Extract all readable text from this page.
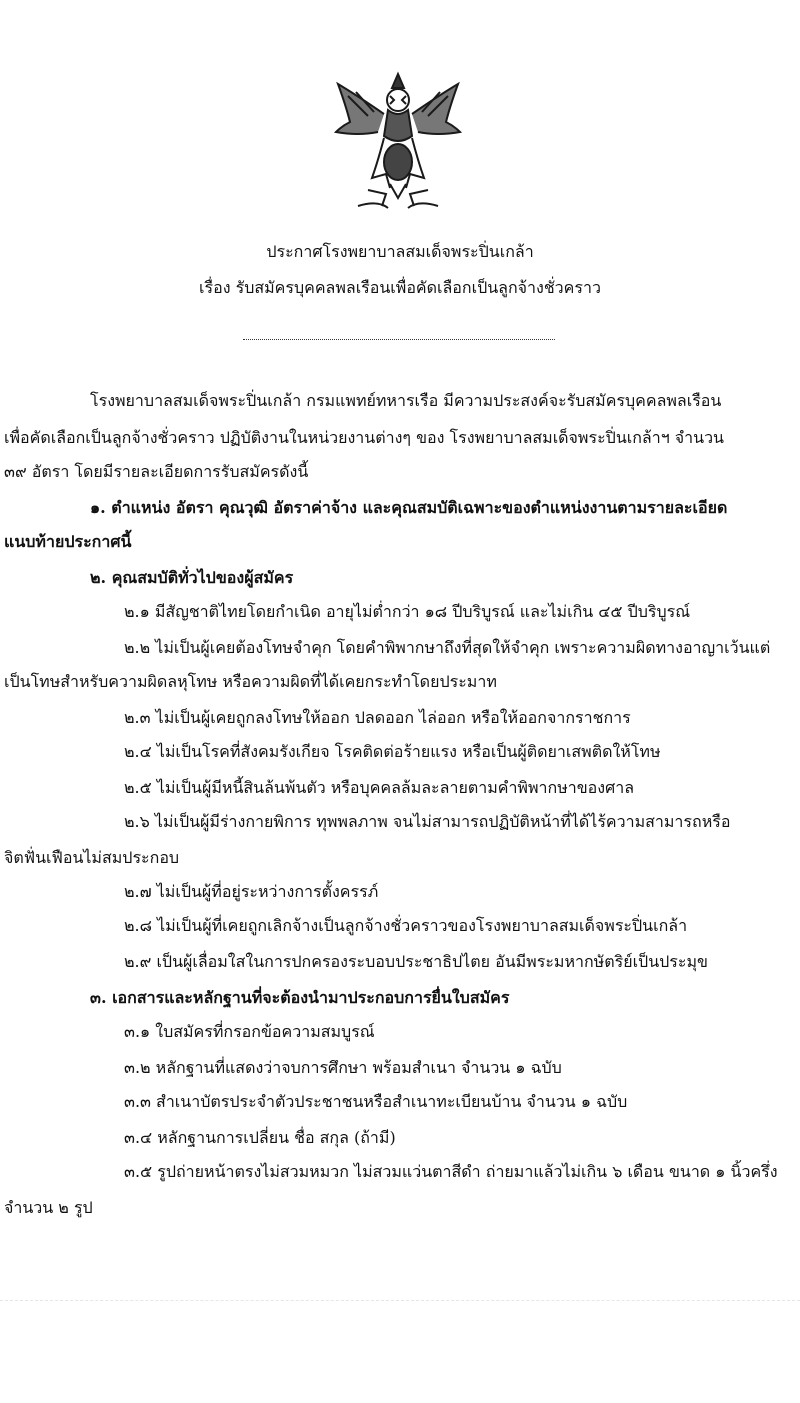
ประกาศโรงพยาบาลสมเด็จพระปิ่นเกล้า
เรื่อง รับสมัครบุคคลพลเรือนเพื่อคัดเลือกเป็นลูกจ้างชั่วคราว
โรงพยาบาลสมเด็จพระปิ่นเกล้า กรมแพทย์ทหารเรือ มีความประสงค์จะรับสมัครบุคคลพลเรือน
เพื่อคัดเลือกเป็นลูกจ้างชั่วคราว ปฏิบัติงานในหน่วยงานต่างๆ ของ โรงพยาบาลสมเด็จพระปิ่นเกล้าฯ จำนวน
๓๙ อัตรา โดยมีรายละเอียดการรับสมัครดังนี้
๑. ตำแหน่ง อัตรา คุณวุฒิ อัตราค่าจ้าง และคุณสมบัติเฉพาะของตำแหน่งงานตามรายละเอียด
แนบท้ายประกาศนี้
๒. คุณสมบัติทั่วไปของผู้สมัคร
๒.๑ มีสัญชาติไทยโดยกำเนิด อายุไม่ต่ำกว่า ๑๘ ปีบริบูรณ์ และไม่เกิน ๔๕ ปีบริบูรณ์
๒.๒ ไม่เป็นผู้เคยต้องโทษจำคุก โดยคำพิพากษาถึงที่สุดให้จำคุก เพราะความผิดทางอาญาเว้นแต่
เป็นโทษสำหรับความผิดลหุโทษ หรือความผิดที่ได้เคยกระทำโดยประมาท
๒.๓ ไม่เป็นผู้เคยถูกลงโทษให้ออก ปลดออก ไล่ออก หรือให้ออกจากราชการ
๒.๔ ไม่เป็นโรคที่สังคมรังเกียจ โรคติดต่อร้ายแรง หรือเป็นผู้ติดยาเสพติดให้โทษ
๒.๕ ไม่เป็นผู้มีหนี้สินล้นพ้นตัว หรือบุคคลล้มละลายตามคำพิพากษาของศาล
๒.๖ ไม่เป็นผู้มีร่างกายพิการ ทุพพลภาพ จนไม่สามารถปฏิบัติหน้าที่ได้ไร้ความสามารถหรือ
จิตฟั่นเฟือนไม่สมประกอบ
๒.๗ ไม่เป็นผู้ที่อยู่ระหว่างการตั้งครรภ์
๒.๘ ไม่เป็นผู้ที่เคยถูกเลิกจ้างเป็นลูกจ้างชั่วคราวของโรงพยาบาลสมเด็จพระปิ่นเกล้า
๒.๙ เป็นผู้เลื่อมใสในการปกครองระบอบประชาธิปไตย อันมีพระมหากษัตริย์เป็นประมุข
๓. เอกสารและหลักฐานที่จะต้องนำมาประกอบการยื่นใบสมัคร
๓.๑ ใบสมัครที่กรอกข้อความสมบูรณ์
๓.๒ หลักฐานที่แสดงว่าจบการศึกษา พร้อมสำเนา จำนวน ๑ ฉบับ
๓.๓ สำเนาบัตรประจำตัวประชาชนหรือสำเนาทะเบียนบ้าน จำนวน ๑ ฉบับ
๓.๔ หลักฐานการเปลี่ยน ชื่อ สกุล (ถ้ามี)
๓.๕ รูปถ่ายหน้าตรงไม่สวมหมวก ไม่สวมแว่นตาสีดำ ถ่ายมาแล้วไม่เกิน ๖ เดือน ขนาด ๑ นิ้วครึ่ง
จำนวน ๒ รูป
